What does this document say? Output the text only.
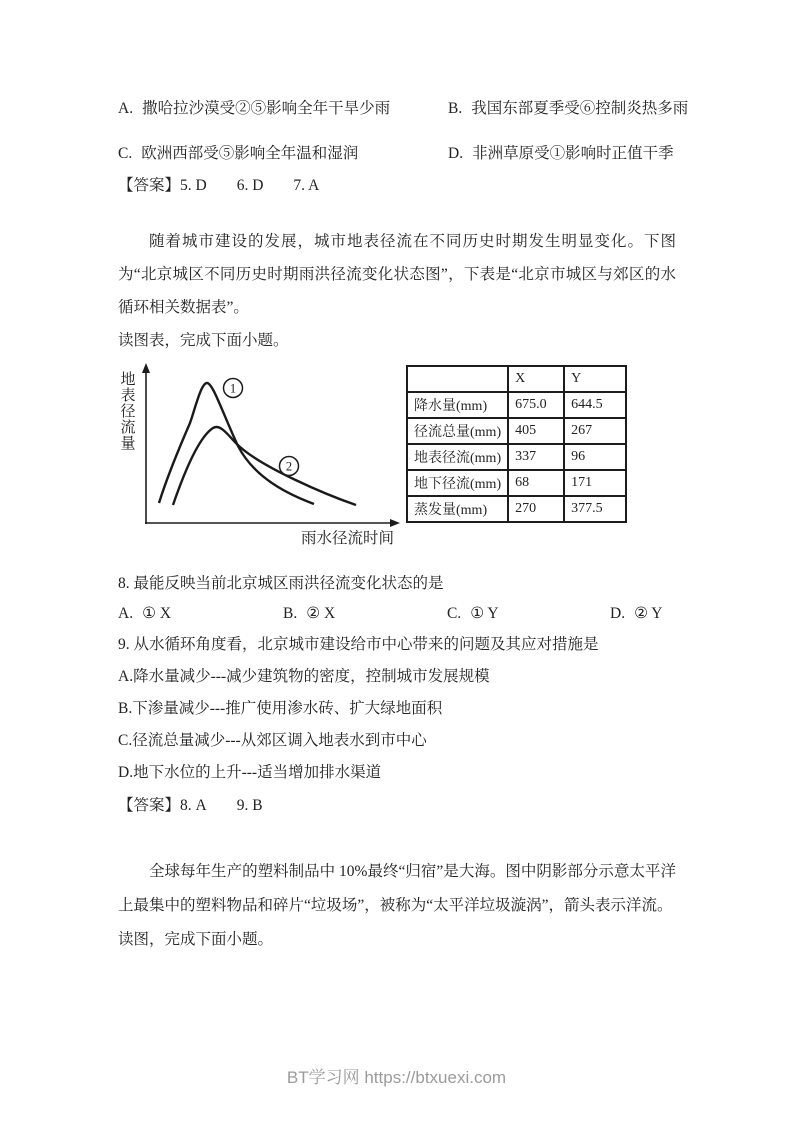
A. 撒哈拉沙漠受②⑤影响全年干旱少雨	B. 我国东部夏季受⑥控制炎热多雨
C. 欧洲西部受⑤影响全年温和湿润	D. 非洲草原受①影响时正值干季
【答案】5. D 6. D 7. A
随着城市建设的发展，城市地表径流在不同历史时期发生明显变化。下图为“北京城区不同历史时期雨洪径流变化状态图”，下表是“北京市城区与郊区的水循环相关数据表”。
读图表，完成下面小题。
1
2
地
表
径
流
量
雨水径流时间
	X	Y
降水量(mm)	675.0	644.5
径流总量(mm)	405	267
地表径流(mm)	337	96
地下径流(mm)	68	171
蒸发量(mm)	270	377.5
8. 最能反映当前北京城区雨洪径流变化状态的是
A. ① X	B. ② X	C. ① Y	D. ② Y
9. 从水循环角度看，北京城市建设给市中心带来的问题及其应对措施是
A.降水量减少---减少建筑物的密度，控制城市发展规模
B.下渗量减少---推广使用渗水砖、扩大绿地面积
C.径流总量减少---从郊区调入地表水到市中心
D.地下水位的上升---适当增加排水渠道
【答案】8. A 9. B
全球每年生产的塑料制品中 10%最终“归宿”是大海。图中阴影部分示意太平洋上最集中的塑料物品和碎片“垃圾场”，被称为“太平洋垃圾漩涡”，箭头表示洋流。
读图，完成下面小题。
BT学习网 https://btxuexi.com
